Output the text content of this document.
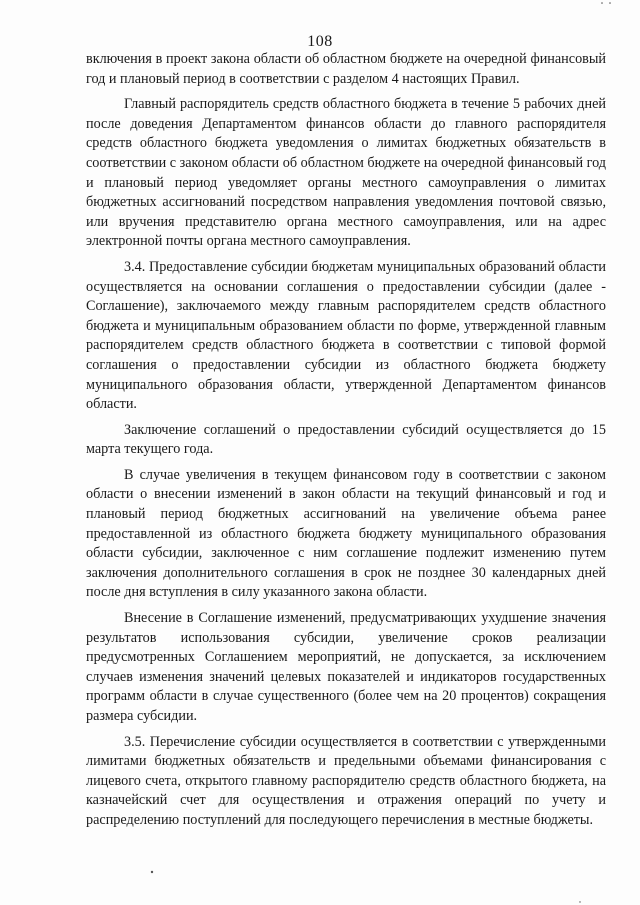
108

включения в проект закона области об областном бюджете на очередной финансовый год и плановый период в соответствии с разделом 4 настоящих Правил.

Главный распорядитель средств областного бюджета в течение 5 рабочих дней после доведения Департаментом финансов области до главного распорядителя средств областного бюджета уведомления о лимитах бюджетных обязательств в соответствии с законом области об областном бюджете на очередной финансовый год и плановый период уведомляет органы местного самоуправления о лимитах бюджетных ассигнований посредством направления уведомления почтовой связью, или вручения представителю органа местного самоуправления, или на адрес электронной почты органа местного самоуправления.

3.4. Предоставление субсидии бюджетам муниципальных образований области осуществляется на основании соглашения о предоставлении субсидии (далее - Соглашение), заключаемого между главным распорядителем средств областного бюджета и муниципальным образованием области по форме, утвержденной главным распорядителем средств областного бюджета в соответствии с типовой формой соглашения о предоставлении субсидии из областного бюджета бюджету муниципального образования области, утвержденной Департаментом финансов области.

Заключение соглашений о предоставлении субсидий осуществляется до 15 марта текущего года.

В случае увеличения в текущем финансовом году в соответствии с законом области о внесении изменений в закон области на текущий финансовый и год и плановый период бюджетных ассигнований на увеличение объема ранее предоставленной из областного бюджета бюджету муниципального образования области субсидии, заключенное с ним соглашение подлежит изменению путем заключения дополнительного соглашения в срок не позднее 30 календарных дней после дня вступления в силу указанного закона области.

Внесение в Соглашение изменений, предусматривающих ухудшение значения результатов использования субсидии, увеличение сроков реализации предусмотренных Соглашением мероприятий, не допускается, за исключением случаев изменения значений целевых показателей и индикаторов государственных программ области в случае существенного (более чем на 20 процентов) сокращения размера субсидии.

3.5. Перечисление субсидии осуществляется в соответствии с утвержденными лимитами бюджетных обязательств и предельными объемами финансирования с лицевого счета, открытого главному распорядителю средств областного бюджета, на казначейский счет для осуществления и отражения операций по учету и распределению поступлений для последующего перечисления в местные бюджеты.
